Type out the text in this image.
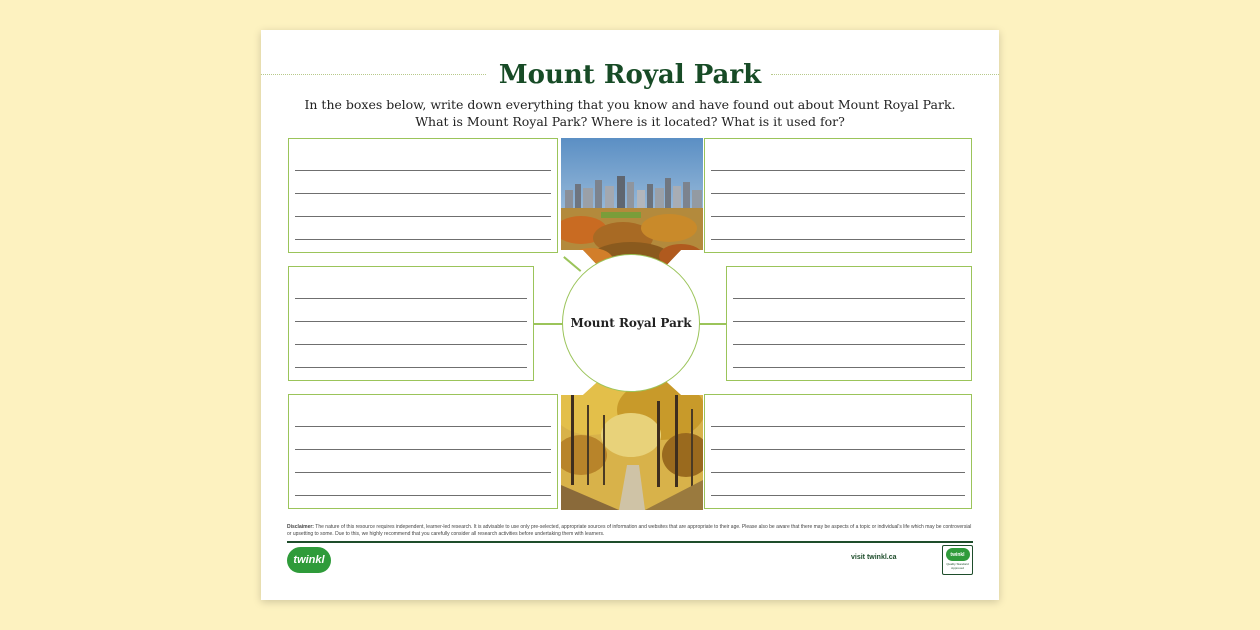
Mount Royal Park
In the boxes below, write down everything that you know and have found out about Mount Royal Park.
What is Mount Royal Park? Where is it located? What is it used for?
Mount Royal Park
Disclaimer: The nature of this resource requires independent, learner-led research. It is advisable to use only pre-selected, appropriate sources of information and websites that are appropriate to their age. Please also be aware that there may be aspects of a topic or individual's life which may be controversial or upsetting to some. Due to this, we highly recommend that you carefully consider all research activities before undertaking them with learners.
twinkl	visit twinkl.ca	twinkl
Quality Standard Approved
